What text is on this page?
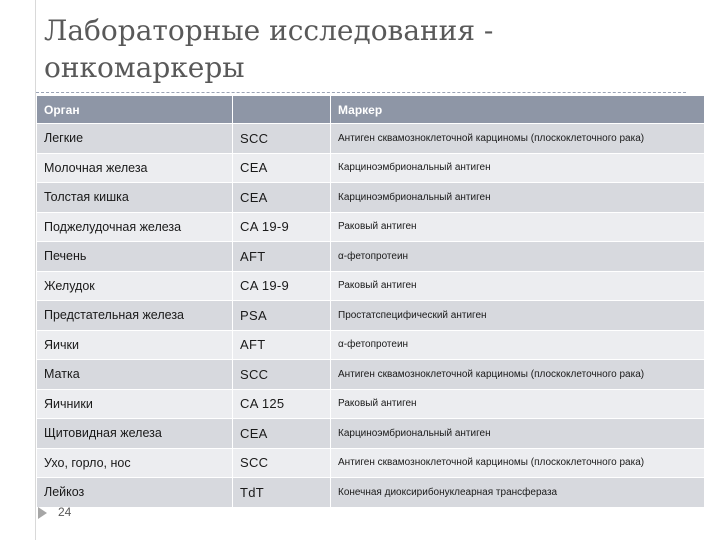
Лабораторные исследования - онкомаркеры
Орган		Маркер
Легкие	SCC	Антиген сквамозноклеточной карциномы (плоскоклеточного рака)
Молочная железа	CEA	Карциноэмбриональный антиген
Толстая кишка	CEA	Карциноэмбриональный антиген
Поджелудочная железа	CA 19-9	Раковый антиген
Печень	AFT	α-фетопротеин
Желудок	CA 19-9	Раковый антиген
Предстательная железа	PSA	Простатспецифический антиген
Яички	AFT	α-фетопротеин
Матка	SCC	Антиген сквамозноклеточной карциномы (плоскоклеточного рака)
Яичники	CA 125	Раковый антиген
Щитовидная железа	CEA	Карциноэмбриональный антиген
Ухо, горло, нос	SCC	Антиген сквамозноклеточной карциномы (плоскоклеточного рака)
Лейкоз	TdT	Конечная диоксирибонуклеарная трансфераза
24
